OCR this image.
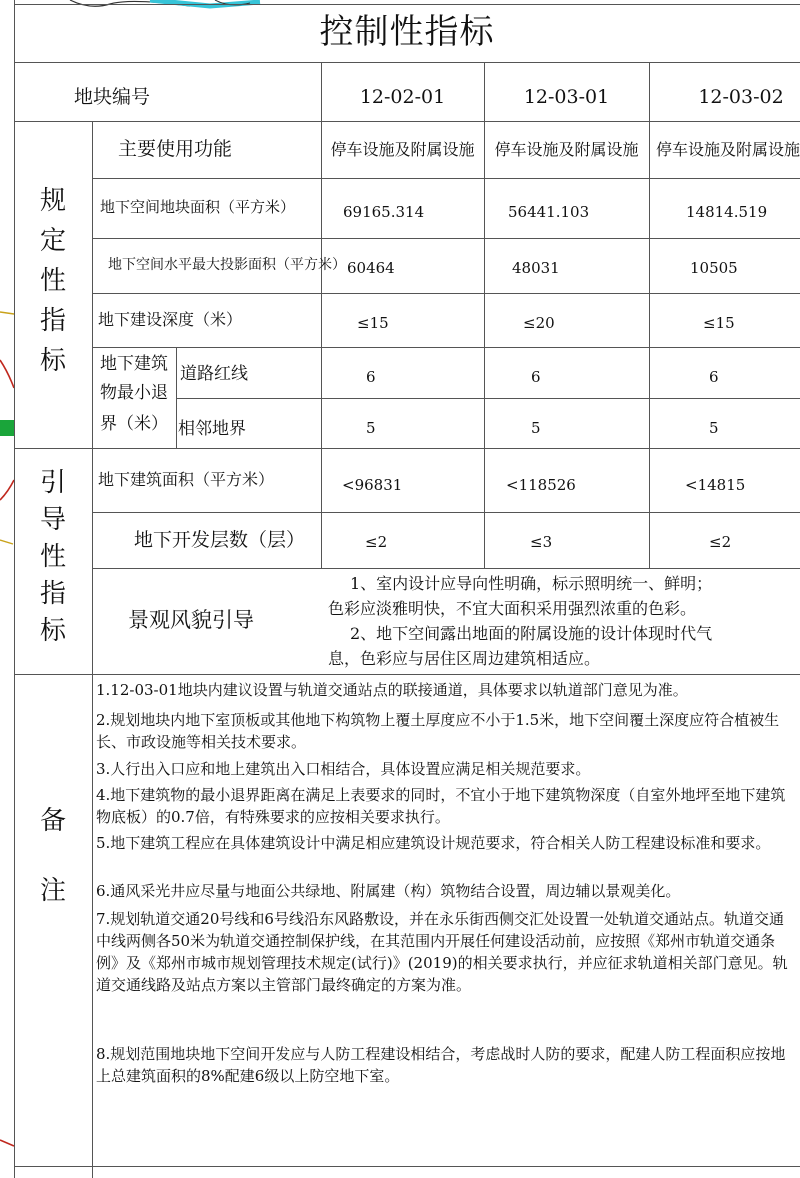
控制性指标
地块编号	12-02-01	12-03-01	12-03-02
规
定
性
指
标
主要使用功能	停车设施及附属设施	停车设施及附属设施	停车设施及附属设施
地下空间地块面积（平方米）	69165.314	56441.103	14814.519
地下空间水平最大投影面积（平方米） 60464	48031	10505
地下建设深度（米）	≤15	≤20	≤15
地下建筑
物最小退
界（米）
道路红线	6	6	6
相邻地界	5	5	5
引
导
性
指
标
地下建筑面积（平方米）	<96831	<118526	<14815
地下开发层数（层）	≤2	≤3	≤2
景观风貌引导
1、室内设计应导向性明确，标示照明统一、鲜明；
色彩应淡雅明快，不宜大面积采用强烈浓重的色彩。
2、地下空间露出地面的附属设施的设计体现时代气
息，色彩应与居住区周边建筑相适应。
备
注
1.12-03-01地块内建议设置与轨道交通站点的联接通道，具体要求以轨道部门意见为准。
2.规划地块内地下室顶板或其他地下构筑物上覆土厚度应不小于1.5米，地下空间覆土深度应符合植被生长、市政设施等相关技术要求。
3.人行出入口应和地上建筑出入口相结合，具体设置应满足相关规范要求。
4.地下建筑物的最小退界距离在满足上表要求的同时，不宜小于地下建筑物深度（自室外地坪至地下建筑物底板）的0.7倍，有特殊要求的应按相关要求执行。
5.地下建筑工程应在具体建筑设计中满足相应建筑设计规范要求，符合相关人防工程建设标准和要求。
6.通风采光井应尽量与地面公共绿地、附属建（构）筑物结合设置，周边辅以景观美化。
7.规划轨道交通20号线和6号线沿东风路敷设，并在永乐街西侧交汇处设置一处轨道交通站点。轨道交通中线两侧各50米为轨道交通控制保护线，在其范围内开展任何建设活动前，应按照《郑州市轨道交通条例》及《郑州市城市规划管理技术规定(试行)》(2019)的相关要求执行，并应征求轨道相关部门意见。轨道交通线路及站点方案以主管部门最终确定的方案为准。
8.规划范围地块地下空间开发应与人防工程建设相结合，考虑战时人防的要求，配建人防工程面积应按地上总建筑面积的8%配建6级以上防空地下室。
